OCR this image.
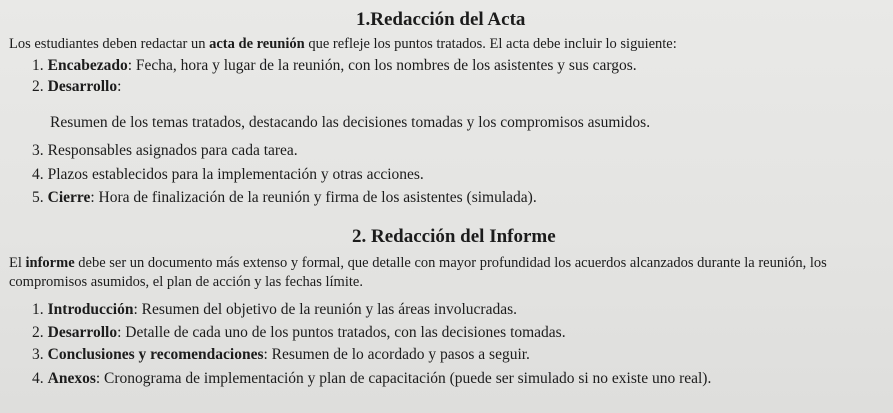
1.Redacción del Acta
Los estudiantes deben redactar un acta de reunión que refleje los puntos tratados. El acta debe incluir lo siguiente:
1. Encabezado: Fecha, hora y lugar de la reunión, con los nombres de los asistentes y sus cargos.
2. Desarrollo:
Resumen de los temas tratados, destacando las decisiones tomadas y los compromisos asumidos.
3. Responsables asignados para cada tarea.
4. Plazos establecidos para la implementación y otras acciones.
5. Cierre: Hora de finalización de la reunión y firma de los asistentes (simulada).
2. Redacción del Informe
El informe debe ser un documento más extenso y formal, que detalle con mayor profundidad los acuerdos alcanzados durante la reunión, los compromisos asumidos, el plan de acción y las fechas límite.
1. Introducción: Resumen del objetivo de la reunión y las áreas involucradas.
2. Desarrollo: Detalle de cada uno de los puntos tratados, con las decisiones tomadas.
3. Conclusiones y recomendaciones: Resumen de lo acordado y pasos a seguir.
4. Anexos: Cronograma de implementación y plan de capacitación (puede ser simulado si no existe uno real).
